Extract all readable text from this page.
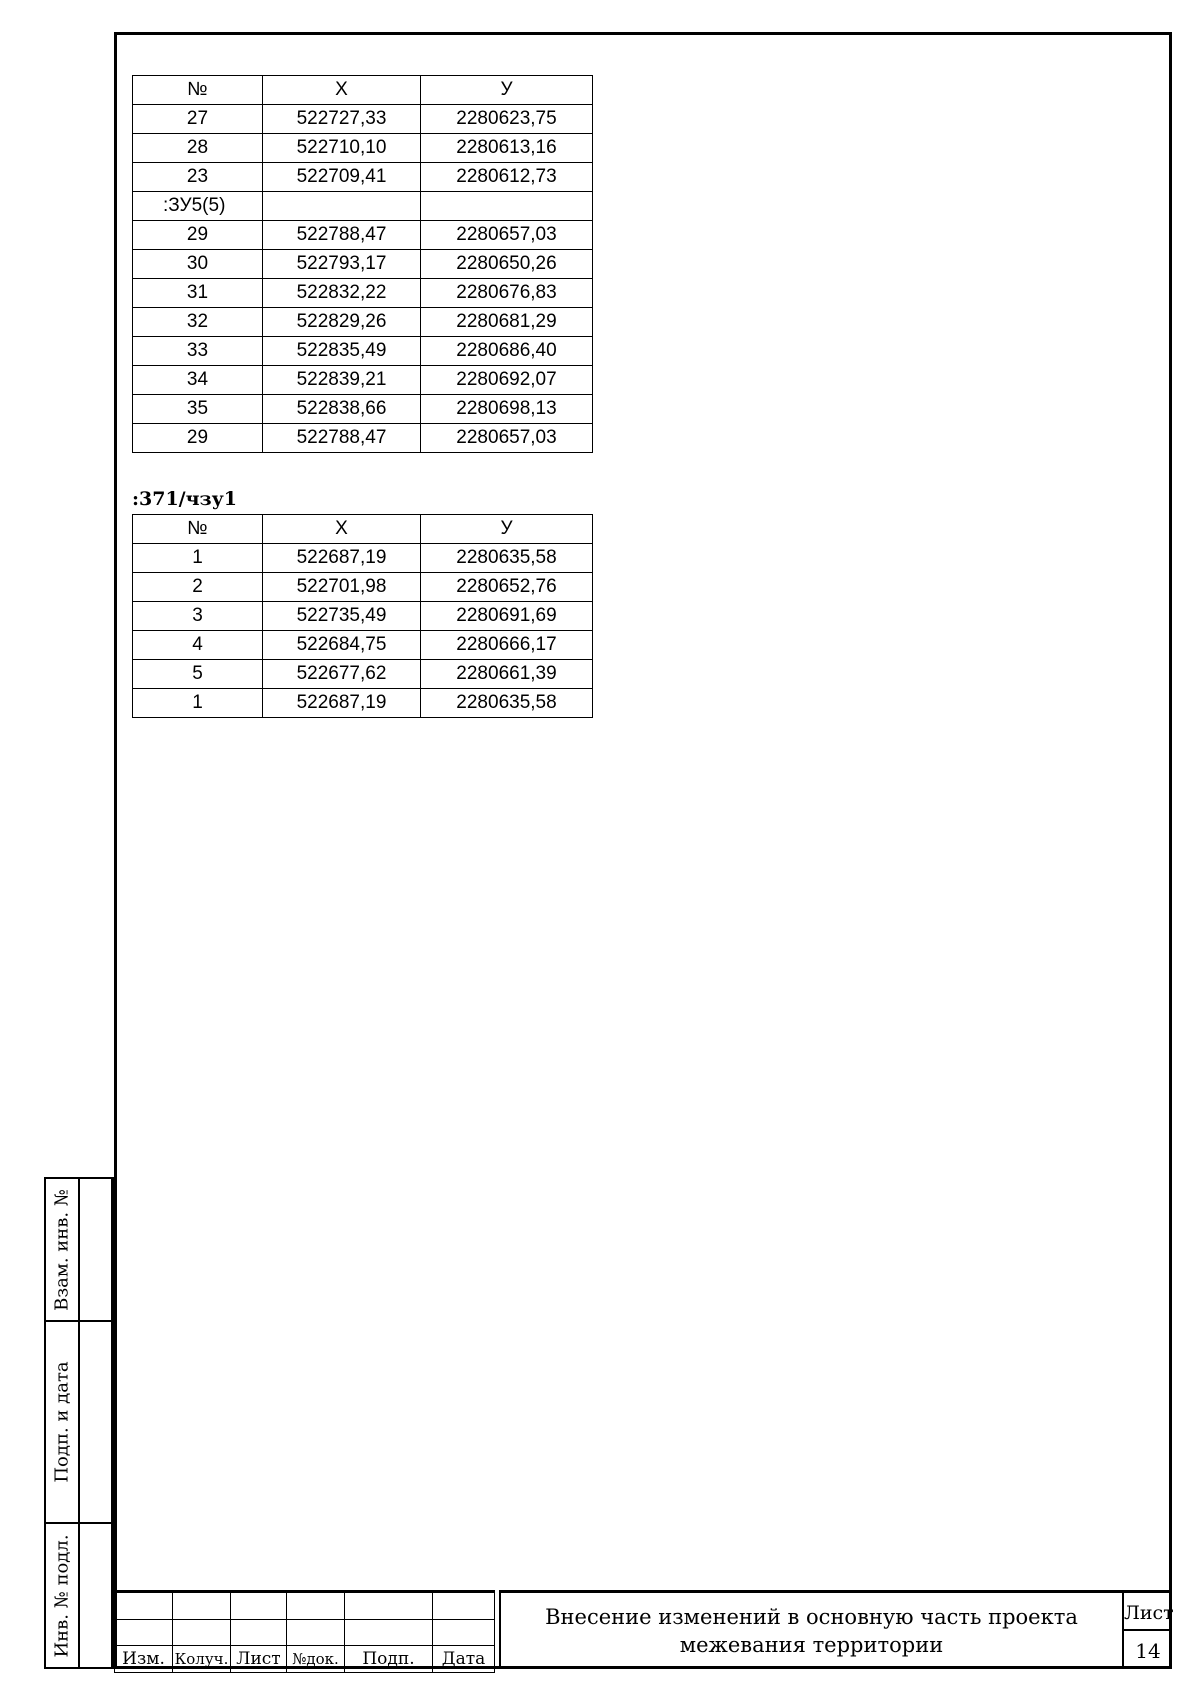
№	Х	У
27	522727,33	2280623,75
28	522710,10	2280613,16
23	522709,41	2280612,73
:ЗУ5(5)		
29	522788,47	2280657,03
30	522793,17	2280650,26
31	522832,22	2280676,83
32	522829,26	2280681,29
33	522835,49	2280686,40
34	522839,21	2280692,07
35	522838,66	2280698,13
29	522788,47	2280657,03
:371/чзу1
№	Х	У
1	522687,19	2280635,58
2	522701,98	2280652,76
3	522735,49	2280691,69
4	522684,75	2280666,17
5	522677,62	2280661,39
1	522687,19	2280635,58
Взам. инв. №
Подп. и дата
Инв. № подл.

Изм.	Колуч.	Лист	№док.	Подп.	Дата
Внесение изменений в основную часть проекта
межевания территории
Лист
14
